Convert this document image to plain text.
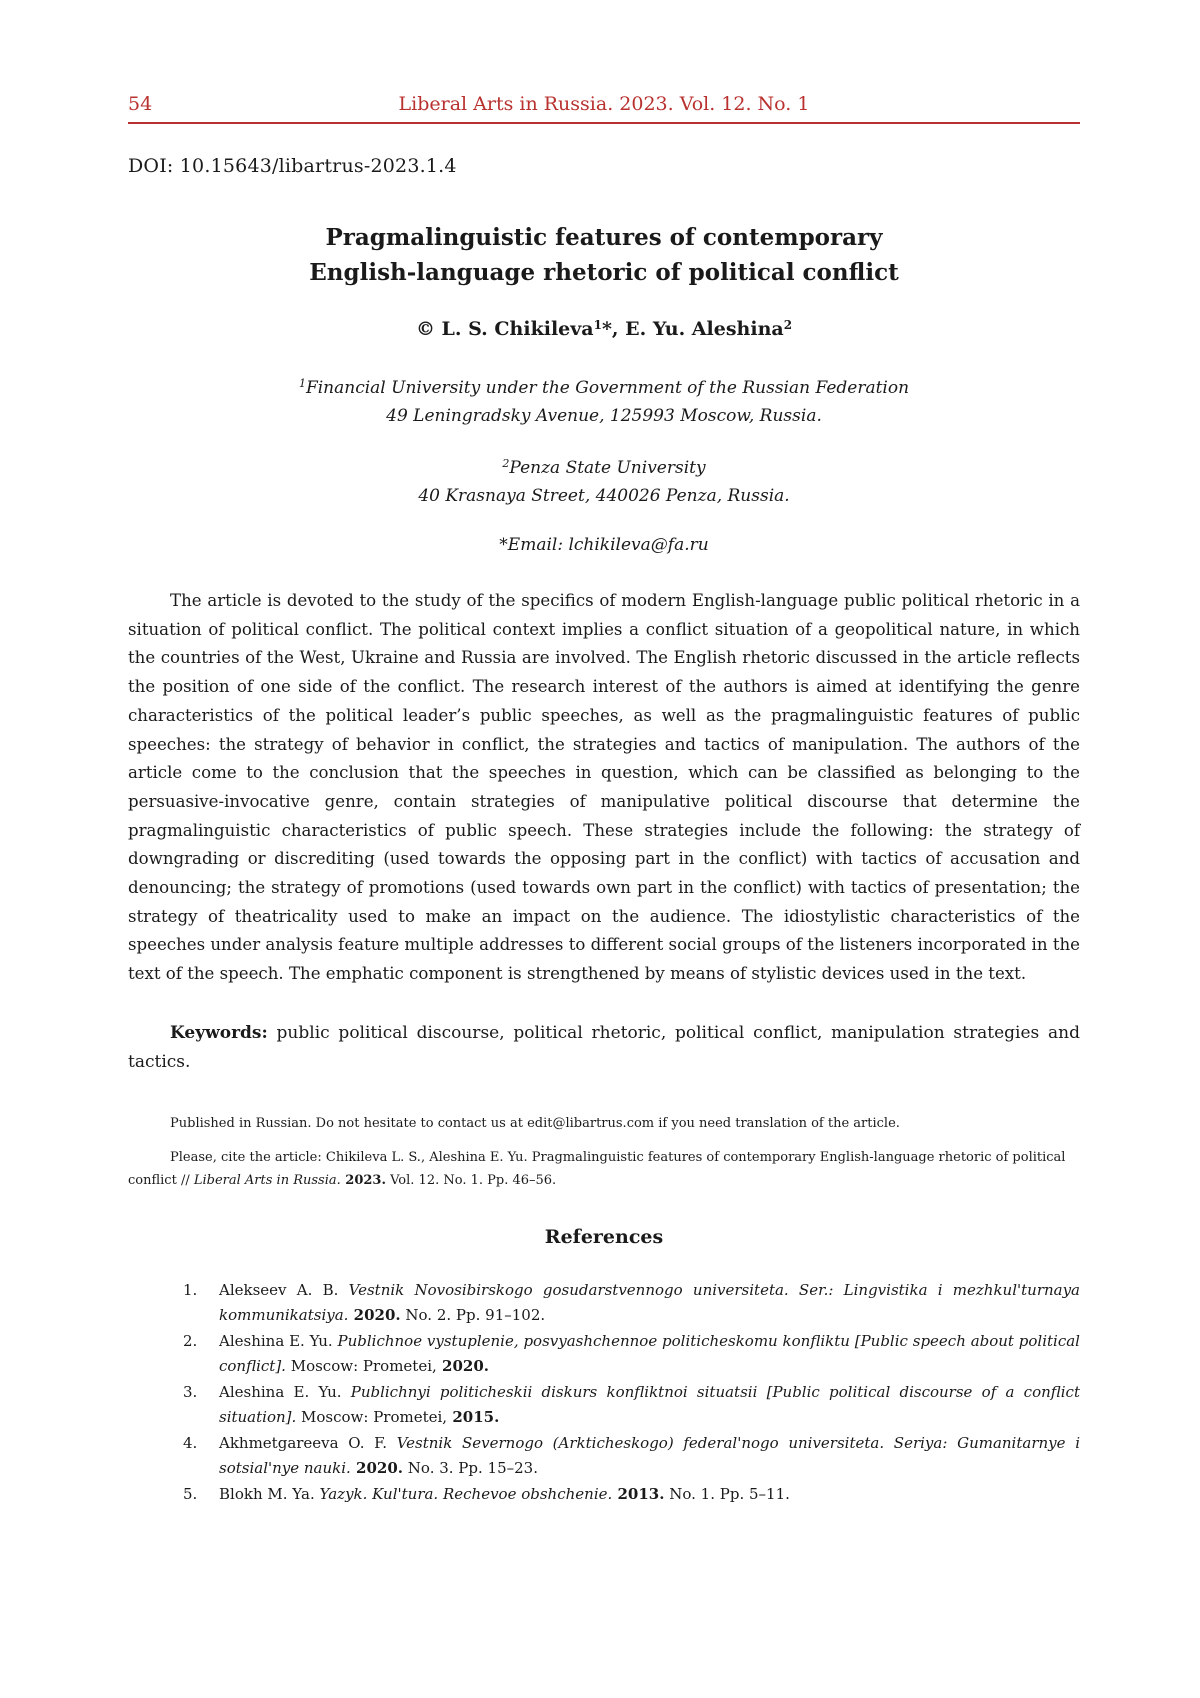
54	Liberal Arts in Russia. 2023. Vol. 12. No. 1
DOI: 10.15643/libartrus-2023.1.4
Pragmalinguistic features of contemporary
English-language rhetoric of political conflict
© L. S. Chikileva$^1$*, E. Yu. Aleshina$^2$
$^1$Financial University under the Government of the Russian Federation
49 Leningradsky Avenue, 125993 Moscow, Russia.
$^2$Penza State University
40 Krasnaya Street, 440026 Penza, Russia.
*Email: lchikileva@fa.ru

The article is devoted to the study of the specifics of modern English-language public political rhetoric in a situation of political conflict. The political context implies a conflict situation of a geopolitical nature, in which the countries of the West, Ukraine and Russia are involved. The English rhetoric discussed in the article reflects the position of one side of the conflict. The research interest of the authors is aimed at identifying the genre characteristics of the political leader’s public speeches, as well as the pragmalinguistic features of public speeches: the strategy of behavior in conflict, the strategies and tactics of manipulation. The authors of the article come to the conclusion that the speeches in question, which can be classified as belonging to the persuasive-invocative genre, contain strategies of manipulative political discourse that determine the pragmalinguistic characteristics of public speech. These strategies include the following: the strategy of downgrading or discrediting (used towards the opposing part in the conflict) with tactics of accusation and denouncing; the strategy of promotions (used towards own part in the conflict) with tactics of presentation; the strategy of theatricality used to make an impact on the audience. The idiostylistic characteristics of the speeches under analysis feature multiple addresses to different social groups of the listeners incorporated in the text of the speech. The emphatic component is strengthened by means of stylistic devices used in the text.

Keywords: public political discourse, political rhetoric, political conflict, manipulation strategies and tactics.

Published in Russian. Do not hesitate to contact us at edit@libartrus.com if you need translation of the article.

Please, cite the article: Chikileva L. S., Aleshina E. Yu. Pragmalinguistic features of contemporary English-language rhetoric of political conflict // Liberal Arts in Russia. 2023. Vol. 12. No. 1. Pp. 46–56.

References
1. Alekseev A. B. Vestnik Novosibirskogo gosudarstvennogo universiteta. Ser.: Lingvistika i mezhkul'turnaya kommunikatsiya. 2020. No. 2. Pp. 91–102.
2. Aleshina E. Yu. Publichnoe vystuplenie, posvyashchennoe politicheskomu konfliktu [Public speech about political conflict]. Moscow: Prometei, 2020.
3. Aleshina E. Yu. Publichnyi politicheskii diskurs konfliktnoi situatsii [Public political discourse of a conflict situation]. Moscow: Prometei, 2015.
4. Akhmetgareeva O. F. Vestnik Severnogo (Arkticheskogo) federal'nogo universiteta. Seriya: Gumanitarnye i sotsial'nye nauki. 2020. No. 3. Pp. 15–23.
5. Blokh M. Ya. Yazyk. Kul'tura. Rechevoe obshchenie. 2013. No. 1. Pp. 5–11.
